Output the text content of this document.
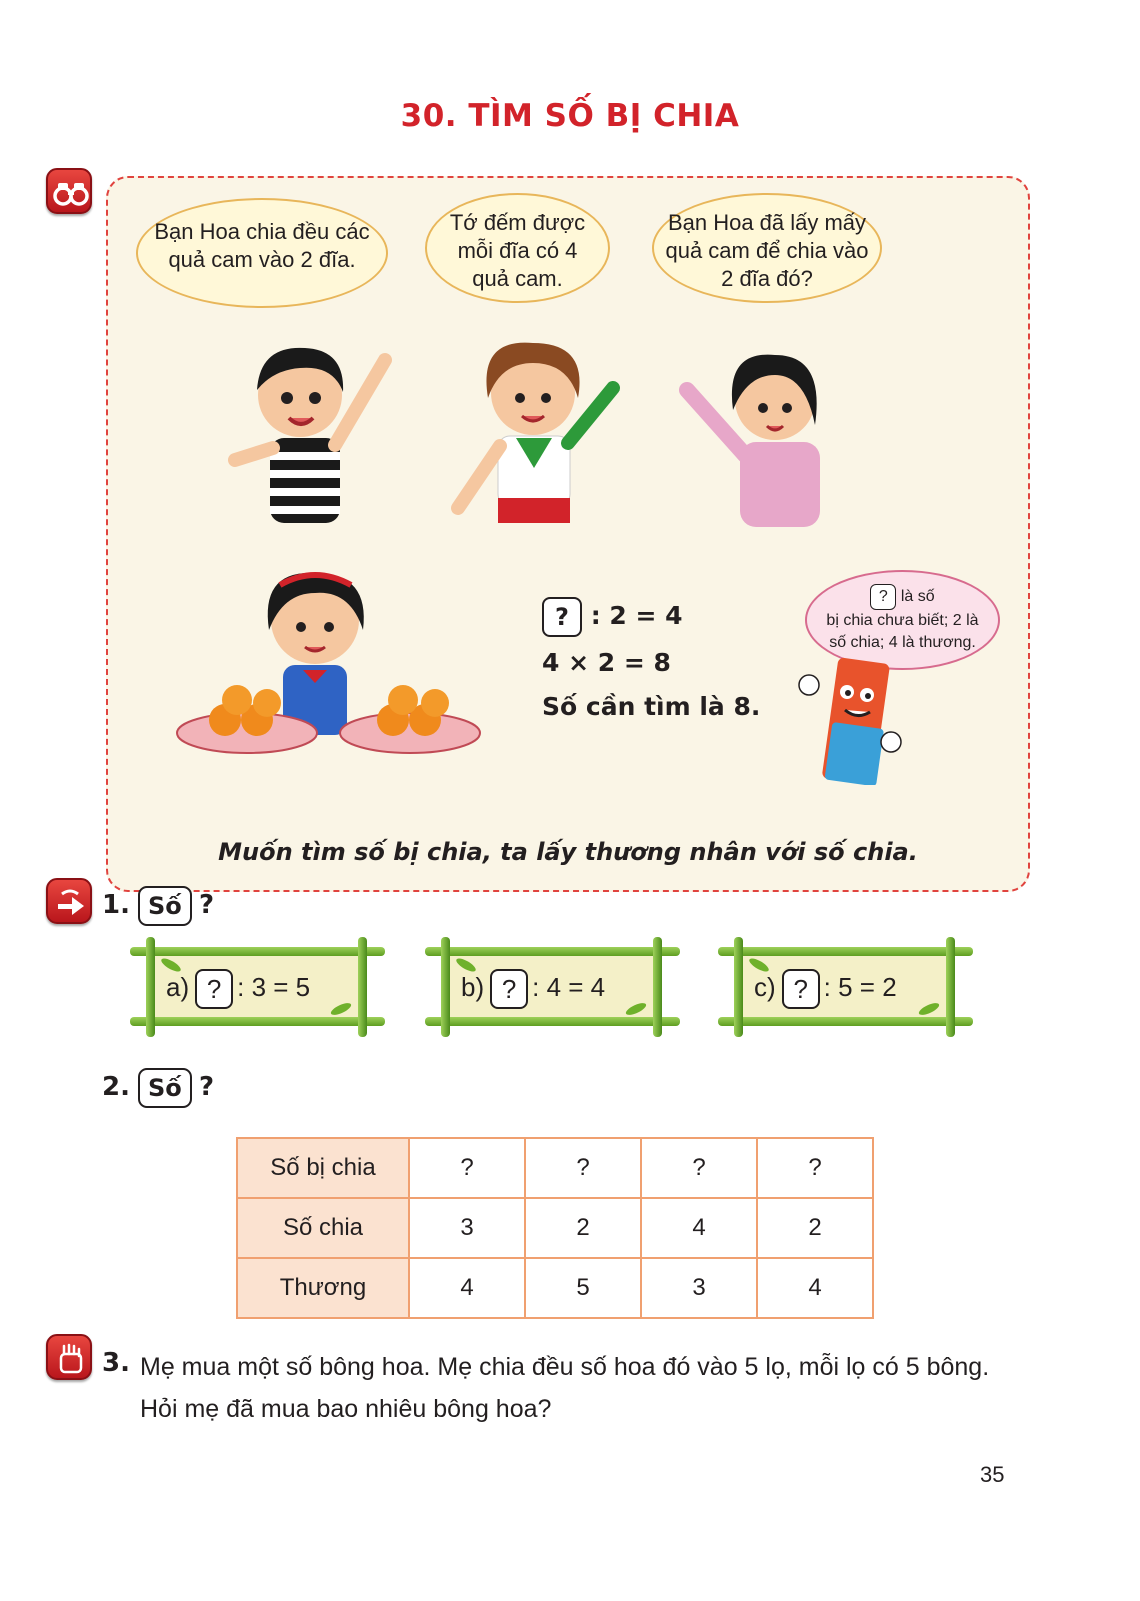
30. TÌM SỐ BỊ CHIA
Bạn Hoa chia đều các quả cam vào 2 đĩa.
Tớ đếm được mỗi đĩa có 4 quả cam.
Bạn Hoa đã lấy mấy quả cam để chia vào 2 đĩa đó?
? : 2 = 4
4 × 2 = 8
Số cần tìm là 8.
? là số
bị chia chưa biết; 2 là
số chia; 4 là thương.
Muốn tìm số bị chia, ta lấy thương nhân với số chia.
1. Số ?
a) ? : 3 = 5	b) ? : 4 = 4	c) ? : 5 = 2
2. Số ?
Số bị chia	?	?	?	?
Số chia	3	2	4	2
Thương	4	5	3	4
3. Mẹ mua một số bông hoa. Mẹ chia đều số hoa đó vào 5 lọ, mỗi lọ có 5 bông. Hỏi mẹ đã mua bao nhiêu bông hoa?
35
